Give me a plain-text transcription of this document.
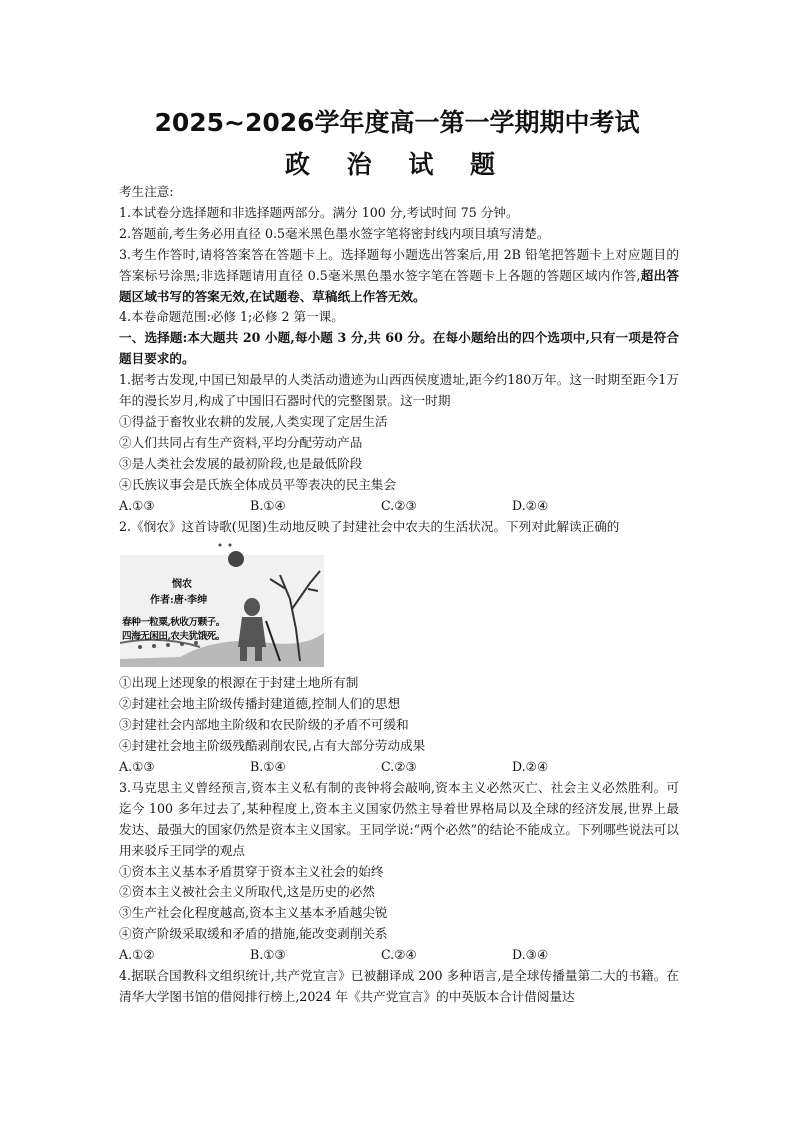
2025~2026学年度高一第一学期期中考试
政 治 试 题
考生注意:
1.本试卷分选择题和非选择题两部分。满分 100 分,考试时间 75 分钟。
2.答题前,考生务必用直径 0.5毫米黑色墨水签字笔将密封线内项目填写清楚。
3.考生作答时,请将答案答在答题卡上。选择题每小题选出答案后,用 2B 铅笔把答题卡上对应题目的答案标号涂黑;非选择题请用直径 0.5毫米黑色墨水签字笔在答题卡上各题的答题区域内作答,超出答题区域书写的答案无效,在试题卷、草稿纸上作答无效。
4.本卷命题范围:必修 1;必修 2 第一课。
一、选择题:本大题共 20 小题,每小题 3 分,共 60 分。在每小题给出的四个选项中,只有一项是符合题目要求的。
1.据考古发现,中国已知最早的人类活动遗迹为山西西侯度遗址,距今约180万年。这一时期至距今1万年的漫长岁月,构成了中国旧石器时代的完整图景。这一时期
①得益于畜牧业农耕的发展,人类实现了定居生活
②人们共同占有生产资料,平均分配劳动产品
③是人类社会发展的最初阶段,也是最低阶段
④氏族议事会是氏族全体成员平等表决的民主集会
A.①③	B.①④	C.②③	D.②④
2.《悯农》这首诗歌(见图)生动地反映了封建社会中农夫的生活状况。下列对此解读正确的
悯农
作者:唐·李绅
春种一粒粟,秋收万颗子。
四海无闲田,农夫犹饿死。
①出现上述现象的根源在于封建土地所有制
②封建社会地主阶级传播封建道德,控制人们的思想
③封建社会内部地主阶级和农民阶级的矛盾不可缓和
④封建社会地主阶级残酷剥削农民,占有大部分劳动成果
A.①③	B.①④	C.②③	D.②④
3.马克思主义曾经预言,资本主义私有制的丧钟将会敲响,资本主义必然灭亡、社会主义必然胜利。可迄今 100 多年过去了,某种程度上,资本主义国家仍然主导着世界格局以及全球的经济发展,世界上最发达、最强大的国家仍然是资本主义国家。王同学说:“两个必然”的结论不能成立。下列哪些说法可以用来驳斥王同学的观点
①资本主义基本矛盾贯穿于资本主义社会的始终
②资本主义被社会主义所取代,这是历史的必然
③生产社会化程度越高,资本主义基本矛盾越尖锐
④资产阶级采取缓和矛盾的措施,能改变剥削关系
A.①②	B.①③	C.②④	D.③④
4.据联合国教科文组织统计,共产党宣言》已被翻译成 200 多种语言,是全球传播量第二大的书籍。在清华大学图书馆的借阅排行榜上,2024 年《共产党宣言》的中英版本合计借阅量达
